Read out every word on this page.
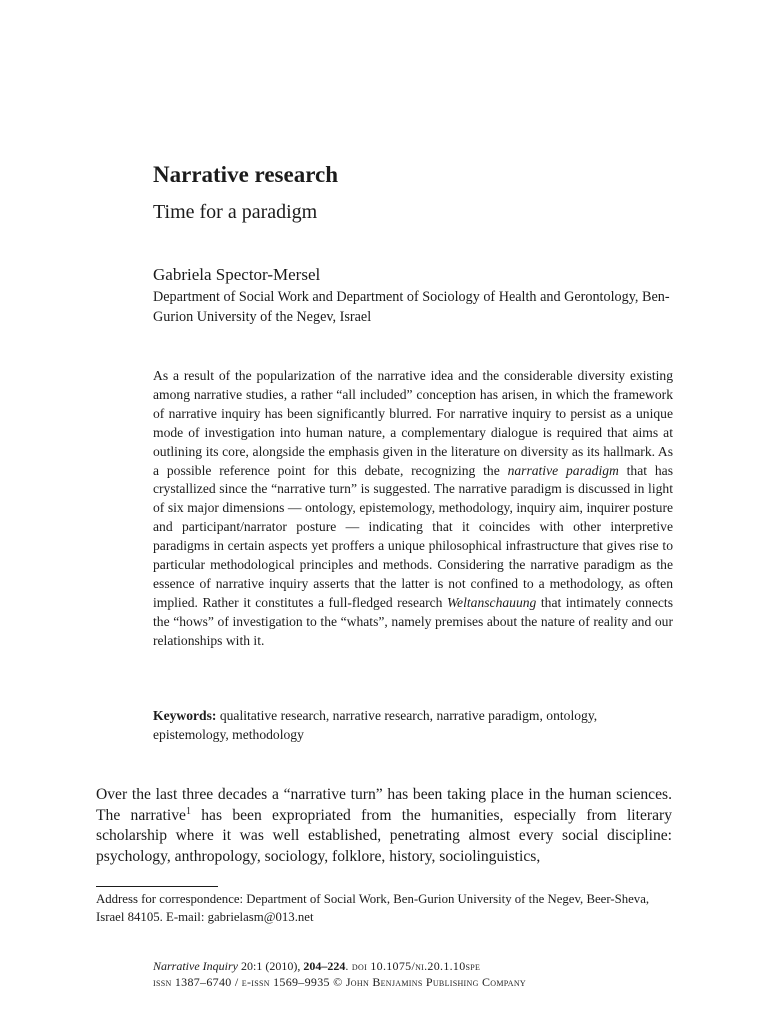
Narrative research
Time for a paradigm

Gabriela Spector-Mersel

Department of Social Work and Department of Sociology of Health and Gerontology, Ben-Gurion University of the Negev, Israel

As a result of the popularization of the narrative idea and the considerable diversity existing among narrative studies, a rather “all included” conception has arisen, in which the framework of narrative inquiry has been significantly blurred. For narrative inquiry to persist as a unique mode of investigation into human nature, a complementary dialogue is required that aims at outlining its core, alongside the emphasis given in the literature on diversity as its hallmark. As a possible reference point for this debate, recognizing the narrative paradigm that has crystallized since the “narrative turn” is suggested. The narrative paradigm is discussed in light of six major dimensions — ontology, epistemology, methodology, inquiry aim, inquirer posture and participant/narrator posture — indicating that it coincides with other interpretive paradigms in certain aspects yet proffers a unique philosophical infrastructure that gives rise to particular methodological principles and methods. Considering the narrative paradigm as the essence of narrative inquiry asserts that the latter is not confined to a methodology, as often implied. Rather it constitutes a full-fledged research Weltanschauung that intimately connects the “hows” of investigation to the “whats”, namely premises about the nature of reality and our relationships with it.

Keywords: qualitative research, narrative research, narrative paradigm, ontology, epistemology, methodology

Over the last three decades a “narrative turn” has been taking place in the human sciences. The narrative$^1$ has been expropriated from the humanities, especially from literary scholarship where it was well established, penetrating almost every social discipline: psychology, anthropology, sociology, folklore, history, sociolinguistics,

Address for correspondence: Department of Social Work, Ben-Gurion University of the Negev, Beer-Sheva, Israel 84105. E-mail: gabrielasm@013.net

Narrative Inquiry 20:1 (2010), 204–224. doi 10.1075/ni.20.1.10spe

issn 1387–6740 / e-issn 1569–9935 © John Benjamins Publishing Company
